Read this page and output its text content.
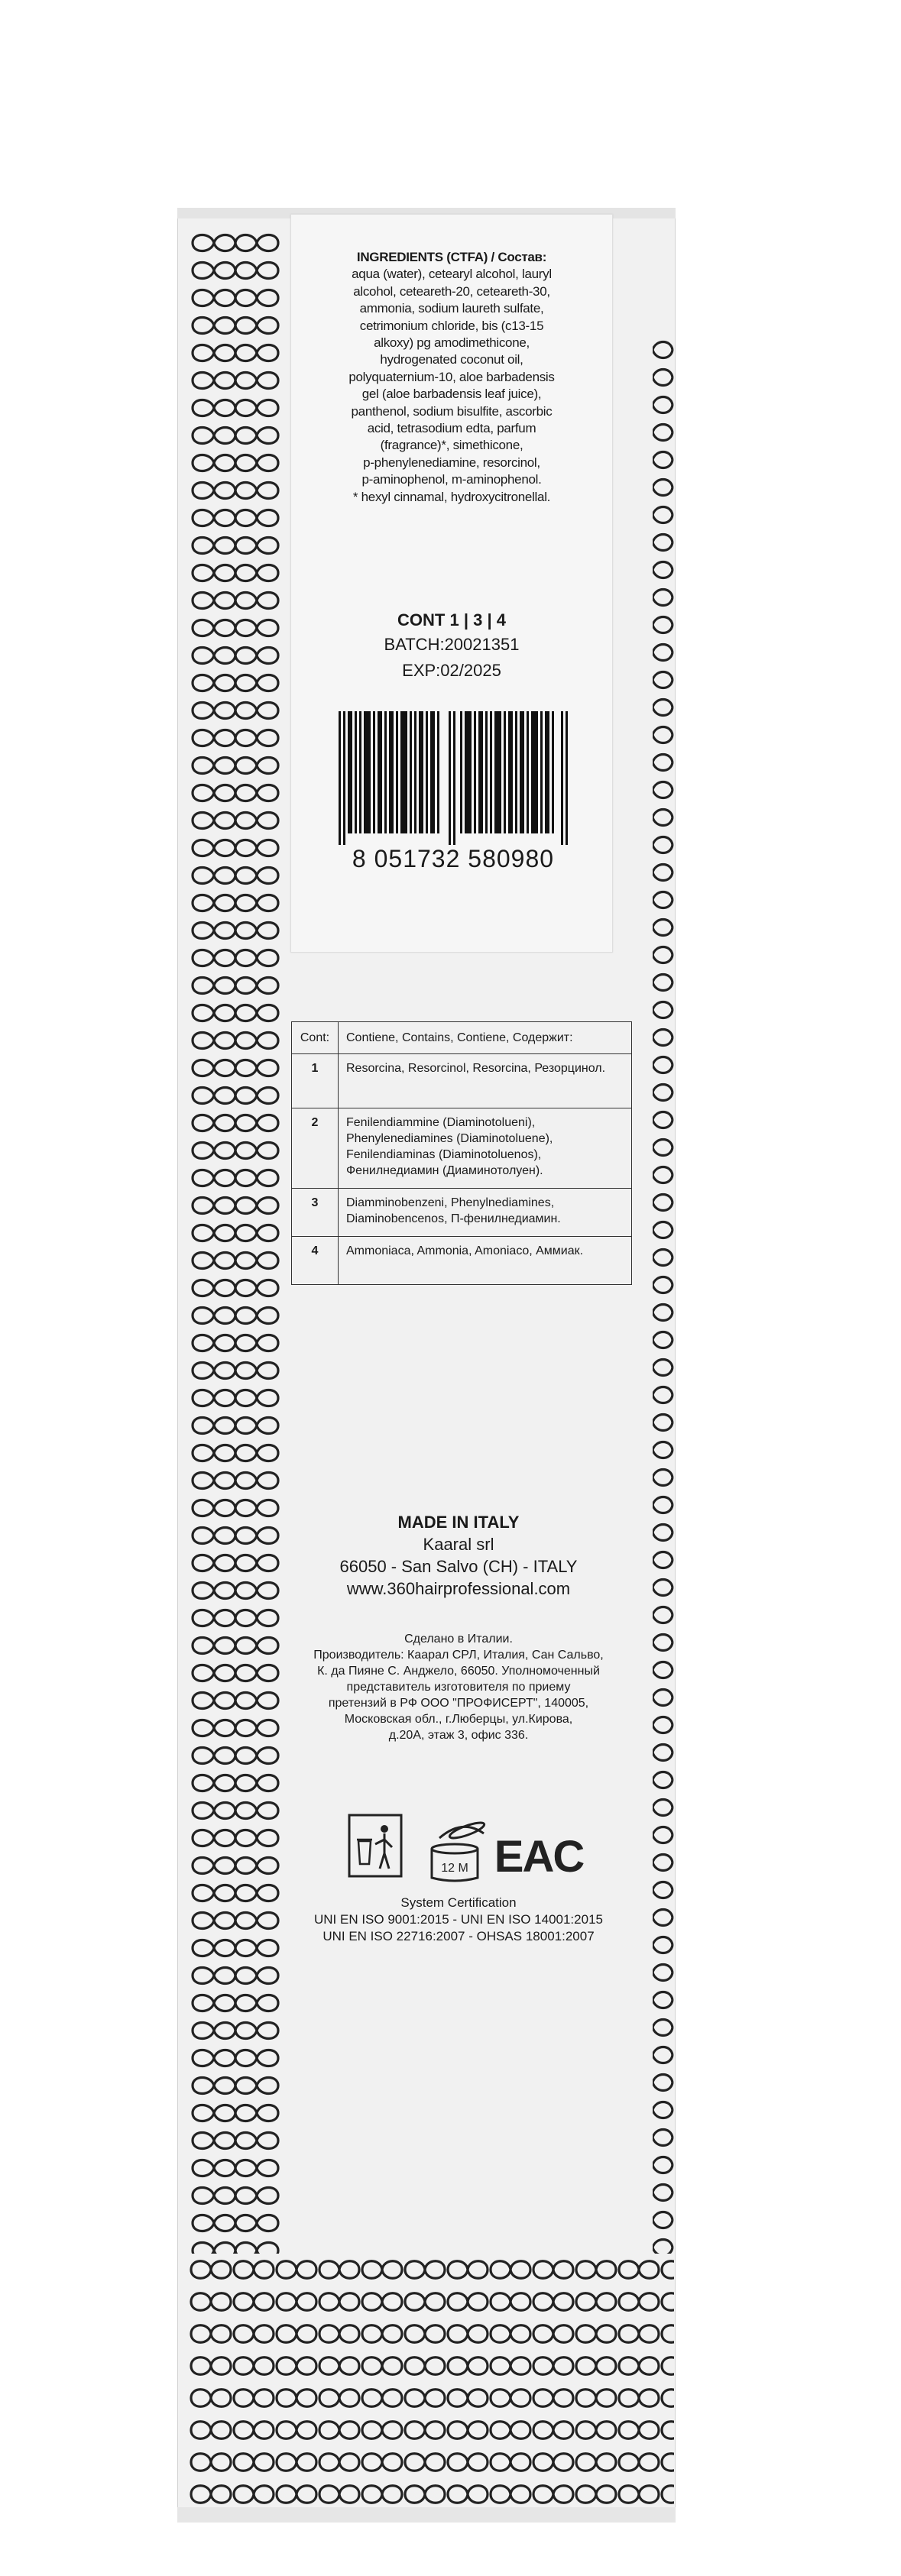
INGREDIENTS (CTFA) / Состав:
aqua (water), cetearyl alcohol, lauryl
alcohol, ceteareth-20, ceteareth-30,
ammonia, sodium laureth sulfate,
cetrimonium chloride, bis (c13-15
alkoxy) pg amodimethicone,
hydrogenated coconut oil,
polyquaternium-10, aloe barbadensis
gel (aloe barbadensis leaf juice),
panthenol, sodium bisulfite, ascorbic
acid, tetrasodium edta, parfum
(fragrance)*, simethicone,
p-phenylenediamine, resorcinol,
p-aminophenol, m-aminophenol.
* hexyl cinnamal, hydroxycitronellal.
CONT 1 | 3 | 4
BATCH:20021351
EXP:02/2025
8 051732 580980
Cont:	Contiene, Contains, Contiene, Содержит:
1	Resorcina, Resorcinol, Resorcina, Резорцинол.
2	Fenilendiammine (Diaminotolueni), Phenylenediamines (Diaminotoluene), Fenilendiaminas (Diaminotoluenos), Фенилнедиамин (Диаминотолуен).
3	Diamminobenzeni, Phenylnediamines, Diaminobencenos, П-фенилнедиамин.
4	Ammoniaca, Ammonia, Amoniaco, Аммиак.
MADE IN ITALY
Kaaral srl
66050 - San Salvo (CH) - ITALY
www.360hairprofessional.com
Сделано в Италии.
Производитель: Каарал СРЛ, Италия, Сан Сальво,
К. да Пияне С. Анджело, 66050. Уполномоченный
представитель изготовителя по приему
претензий в РФ ООО "ПРОФИСЕРТ", 140005,
Московская обл., г.Люберцы, ул.Кирова,
д.20А, этаж 3, офис 336.
12 M EAC
System Certification
UNI EN ISO 9001:2015 - UNI EN ISO 14001:2015
UNI EN ISO 22716:2007 - OHSAS 18001:2007
